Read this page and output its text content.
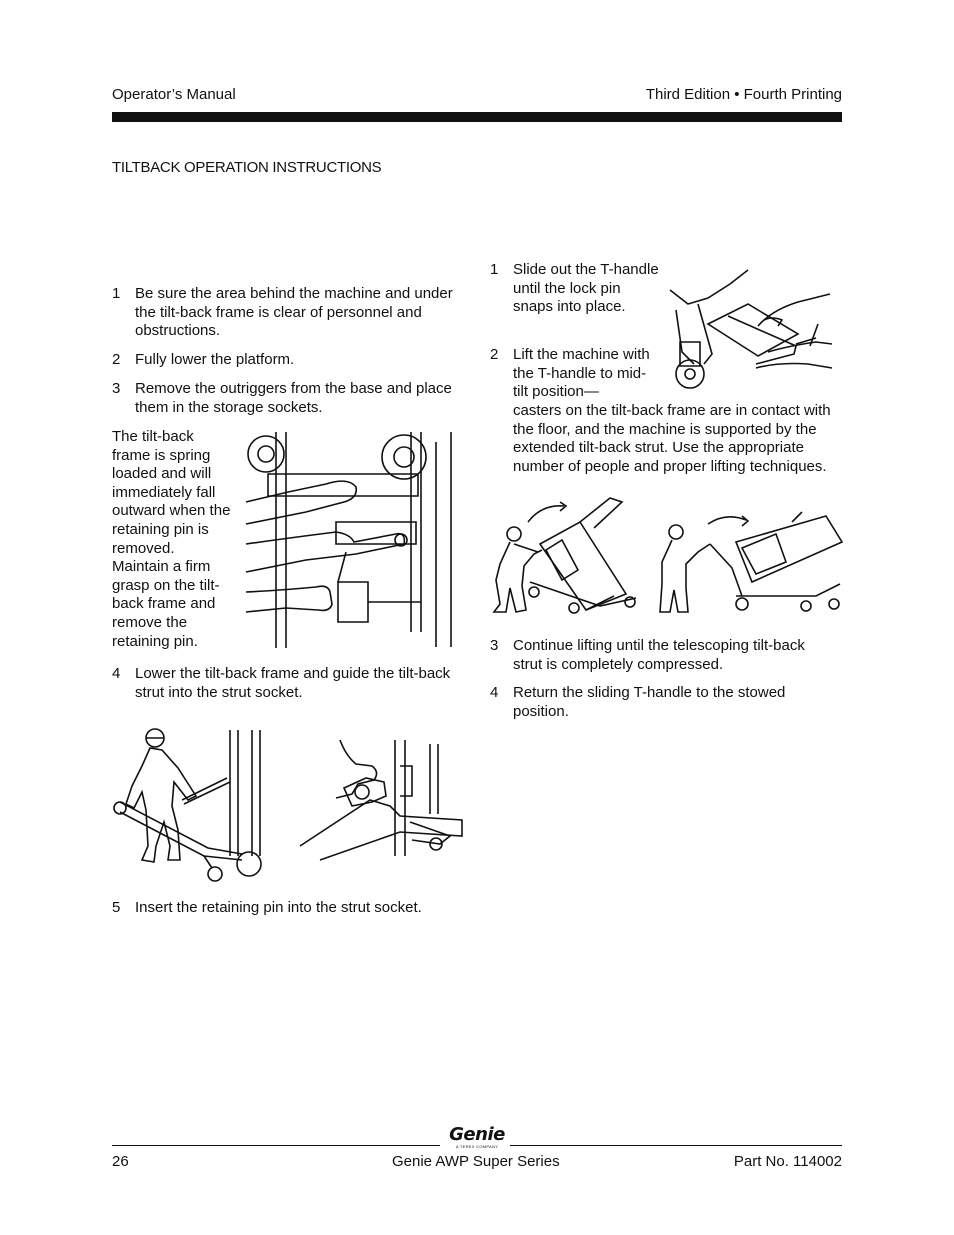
Operator’s Manual	Third Edition • Fourth Printing
TILTBACK OPERATION INSTRUCTIONS
1 Be sure the area behind the machine and under the tilt-back frame is clear of personnel and obstructions.
2 Fully lower the platform.
3 Remove the outriggers from the base and place them in the storage sockets.
The tilt-back frame is spring loaded and will immediately fall outward when the retaining pin is removed. Maintain a firm grasp on the tilt-back frame and remove the retaining pin.
4 Lower the tilt-back frame and guide the tilt-back strut into the strut socket.
5 Insert the retaining pin into the strut socket.
1 Slide out the T-handle until the lock pin snaps into place.
2 Lift the machine with the T-handle to mid-tilt position—
casters on the tilt-back frame are in contact with the floor, and the machine is supported by the extended tilt-back strut. Use the appropriate number of people and proper lifting techniques.
3 Continue lifting until the telescoping tilt-back strut is completely compressed.
4 Return the sliding T-handle to the stowed position.
Genie
A TEREX COMPANY
26	Genie AWP Super Series	Part No. 114002
